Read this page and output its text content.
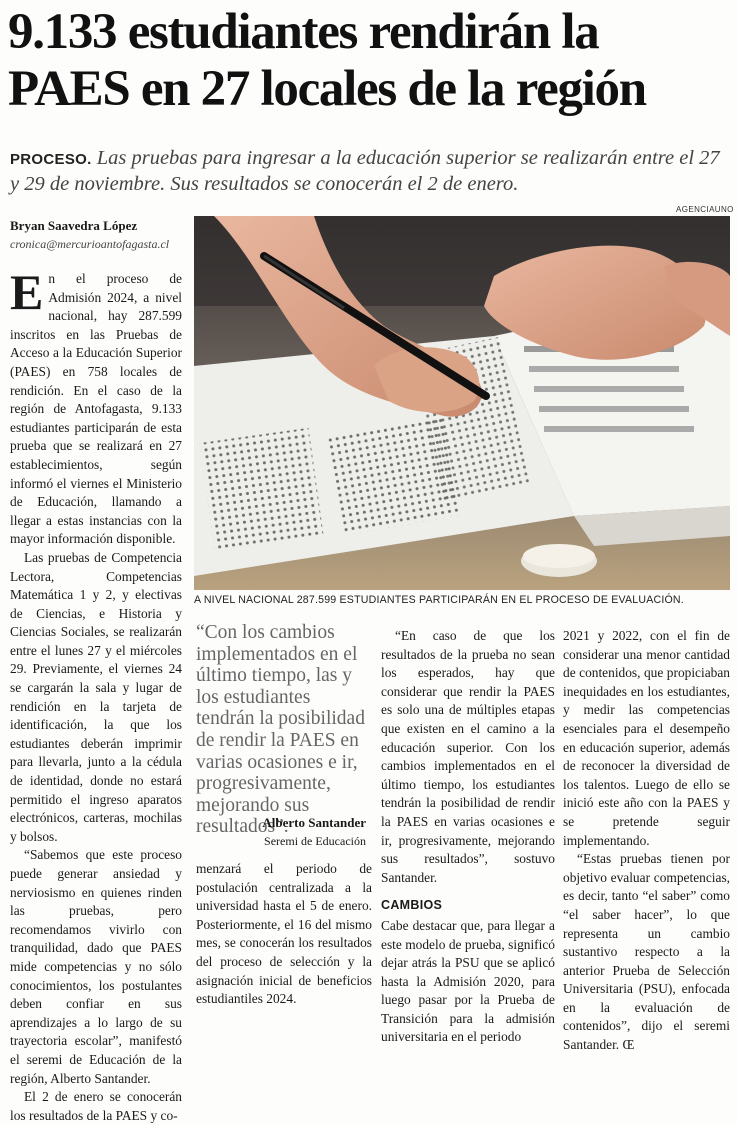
9.133 estudiantes rendirán la
PAES en 27 locales de la región
PROCESO. Las pruebas para ingresar a la educación superior se realizarán entre el 27 y 29 de noviembre. Sus resultados se conocerán el 2 de enero.
Bryan Saavedra López
cronica@mercurioantofagasta.cl

En el proceso de Admisión 2024, a nivel nacional, hay 287.599 inscritos en las Pruebas de Acceso a la Educación Superior (PAES) en 758 locales de rendición. En el caso de la región de Antofagasta, 9.133 estudiantes participarán de esta prueba que se realizará en 27 establecimientos, según informó el viernes el Ministerio de Educación, llamando a llegar a estas instancias con la mayor información disponible.

Las pruebas de Competencia Lectora, Competencias Matemática 1 y 2, y electivas de Ciencias, e Historia y Ciencias Sociales, se realizarán entre el lunes 27 y el miércoles 29. Previamente, el viernes 24 se cargarán la sala y lugar de rendición en la tarjeta de identificación, la que los estudiantes deberán imprimir para llevarla, junto a la cédula de identidad, donde no estará permitido el ingreso aparatos electrónicos, carteras, mochilas y bolsos.

“Sabemos que este proceso puede generar ansiedad y nerviosismo en quienes rinden las pruebas, pero recomendamos vivirlo con tranquilidad, dado que PAES mide competencias y no sólo conocimientos, los postulantes deben confiar en sus aprendizajes a lo largo de su trayectoria escolar”, manifestó el seremi de Educación de la región, Alberto Santander.

El 2 de enero se conocerán los resultados de la PAES y co-

AGENCIAUNO
A NIVEL NACIONAL 287.599 ESTUDIANTES PARTICIPARÁN EN EL PROCESO DE EVALUACIÓN.
“Con los cambios implementados en el último tiempo, las y los estudiantes tendrán la posibilidad de rendir la PAES en varias ocasiones e ir, progresivamente, mejorando sus resultados”.
Alberto Santander
Seremi de Educación

menzará el periodo de postulación centralizada a la universidad hasta el 5 de enero. Posteriormente, el 16 del mismo mes, se conocerán los resultados del proceso de selección y la asignación inicial de beneficios estudiantiles 2024.

“En caso de que los resultados de la prueba no sean los esperados, hay que considerar que rendir la PAES es solo una de múltiples etapas que existen en el camino a la educación superior. Con los cambios implementados en el último tiempo, los estudiantes tendrán la posibilidad de rendir la PAES en varias ocasiones e ir, progresivamente, mejorando sus resultados”, sostuvo Santander.

CAMBIOS

Cabe destacar que, para llegar a este modelo de prueba, significó dejar atrás la PSU que se aplicó hasta la Admisión 2020, para luego pasar por la Prueba de Transición para la admisión universitaria en el periodo

2021 y 2022, con el fin de considerar una menor cantidad de contenidos, que propiciaban inequidades en los estudiantes, y medir las competencias esenciales para el desempeño en educación superior, además de reconocer la diversidad de los talentos. Luego de ello se inició este año con la PAES y se pretende seguir implementando.

“Estas pruebas tienen por objetivo evaluar competencias, es decir, tanto “el saber” como “el saber hacer”, lo que representa un cambio sustantivo respecto a la anterior Prueba de Selección Universitaria (PSU), enfocada en la evaluación de contenidos”, dijo el seremi Santander. Œ
